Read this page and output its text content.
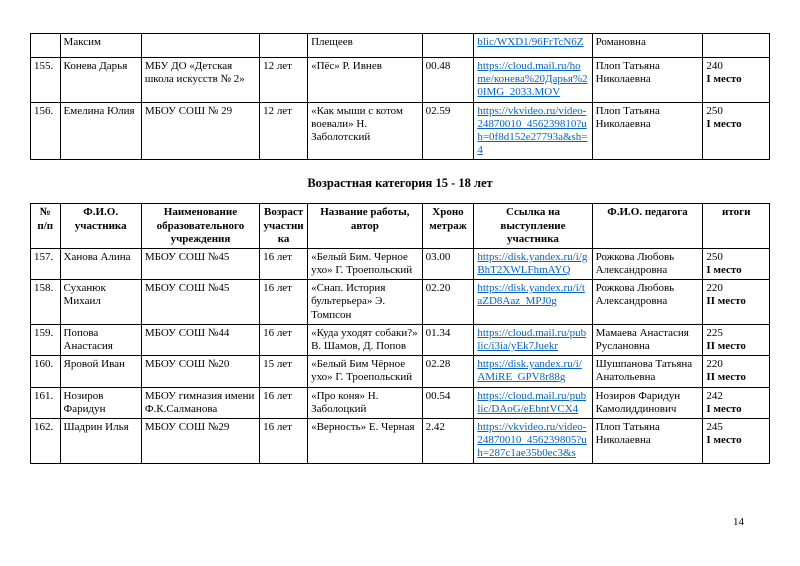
	Максим			Плещеев		blic/WXD1/96FrTcN6Z	Романовна	
155.	Конева Дарья	МБУ ДО «Детская школа искусств № 2»	12 лет	«Пёс» Р. Ивнев	00.48	https://cloud.mail.ru/home/конева%20Дарья%20IMG_2033.MOV	Плоп Татьяна Николаевна	240
I место

156.	Емелина Юлия	МБОУ СОШ № 29	12 лет	«Как мыши с котом воевали» Н. Заболотский	02.59	https://vkvideo.ru/video-24870010_456239810?uh=0f8d152e27793a&sh=4	Плоп Татьяна Николаевна	250
I место
Возрастная категория 15 - 18 лет
№ п/п	Ф.И.О. участника	Наименование образовательного учреждения	Возраст участника	Название работы, автор	Хроно метраж	Ссылка на выступление участника	Ф.И.О. педагога	итоги
157.	Ханова Алина	МБОУ СОШ №45	16 лет	«Белый Бим. Черное ухо» Г. Троепольский	03.00	https://disk.yandex.ru/i/gBhT2XWLFhmAYQ	Рожкова Любовь Александровна	250
I место

158.	Суханюк Михаил	МБОУ СОШ №45	16 лет	«Снап. История бультерьера» Э. Томпсон	02.20	https://disk.yandex.ru/i/taZD8Aaz_MPJ0g	Рожкова Любовь Александровна	220
II место

159.	Попова Анастасия	МБОУ СОШ №44	16 лет	«Куда уходят собаки?» В. Шамов, Д. Попов	01.34	https://cloud.mail.ru/public/i3ia/yEk7Juekr	Мамаева Анастасия Руслановна	225
II место

160.	Яровой Иван	МБОУ СОШ №20	15 лет	«Белый Бим Чёрное ухо» Г. Троепольский	02.28	https://disk.yandex.ru/i/AMiRE_GPV8r88g	Шушпанова Татьяна Анатольевна	220
II место

161.	Нозиров Фаридун	МБОУ гимназия имени Ф.К.Салманова	16 лет	«Про коня» Н. Заболоцкий	00.54	https://cloud.mail.ru/public/DAoG/eEbntVCX4	Нозиров Фаридун Камолиддинович	242
I место

162.	Шадрин Илья	МБОУ СОШ №29	16 лет	«Верность» Е. Черная	2.42	https://vkvideo.ru/video-24870010_456239805?uh=287c1ae35b0ec3&s	Плоп Татьяна Николаевна	245
I место
14
